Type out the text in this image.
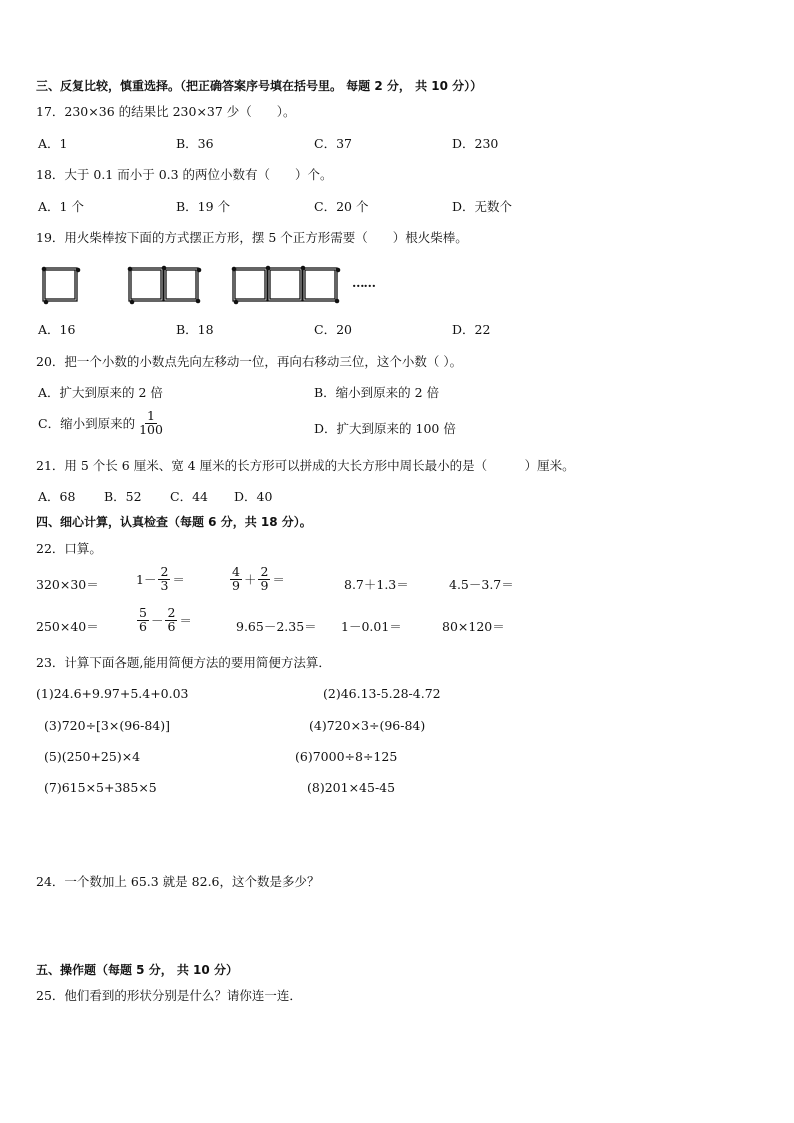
三、反复比较，慎重选择。（把正确答案序号填在括号里。 每题 2 分， 共 10 分））
17．230×36 的结果比 230×37 少（　　）。
A．1	B．36	C．37	D．230
18．大于 0.1 而小于 0.3 的两位小数有（　　）个。
A．1 个	B．19 个	C．20 个	D．无数个
19．用火柴棒按下面的方式摆正方形，摆 5 个正方形需要（　　）根火柴棒。
……
A．16	B．18	C．20	D．22
20．把一个小数的小数点先向左移动一位，再向右移动三位，这个小数（ ）。
A．扩大到原来的 2 倍	B．缩小到原来的 2 倍
C．缩小到原来的 $\frac{1}{100}$	D．扩大到原来的 100 倍
21．用 5 个长 6 厘米、宽 4 厘米的长方形可以拼成的大长方形中周长最小的是（　　　）厘米。
A．68 B．52 C．44 D．40
四、细心计算，认真检查（每题 6 分，共 18 分）。
22．口算。
320×30＝	$1- \frac{2}{3}$ ＝	$\frac{4}{9} + \frac{2}{9}$ ＝	8.7＋1.3＝	4.5－3.7＝
250×40＝	$\frac{5}{6} - \frac{2}{6}$ ＝	9.65－2.35＝ 1－0.01＝	80×120＝
23．计算下面各题,能用简便方法的要用简便方法算．
(1)24.6+9.97+5.4+0.03	(2)46.13-5.28-4.72
(3)720÷[3×(96-84)]	(4)720×3÷(96-84)
(5)(250+25)×4	(6)7000÷8÷125
(7)615×5+385×5	(8)201×45-45
24．一个数加上 65.3 就是 82.6，这个数是多少？
五、操作题（每题 5 分， 共 10 分）
25．他们看到的形状分别是什么？请你连一连．
